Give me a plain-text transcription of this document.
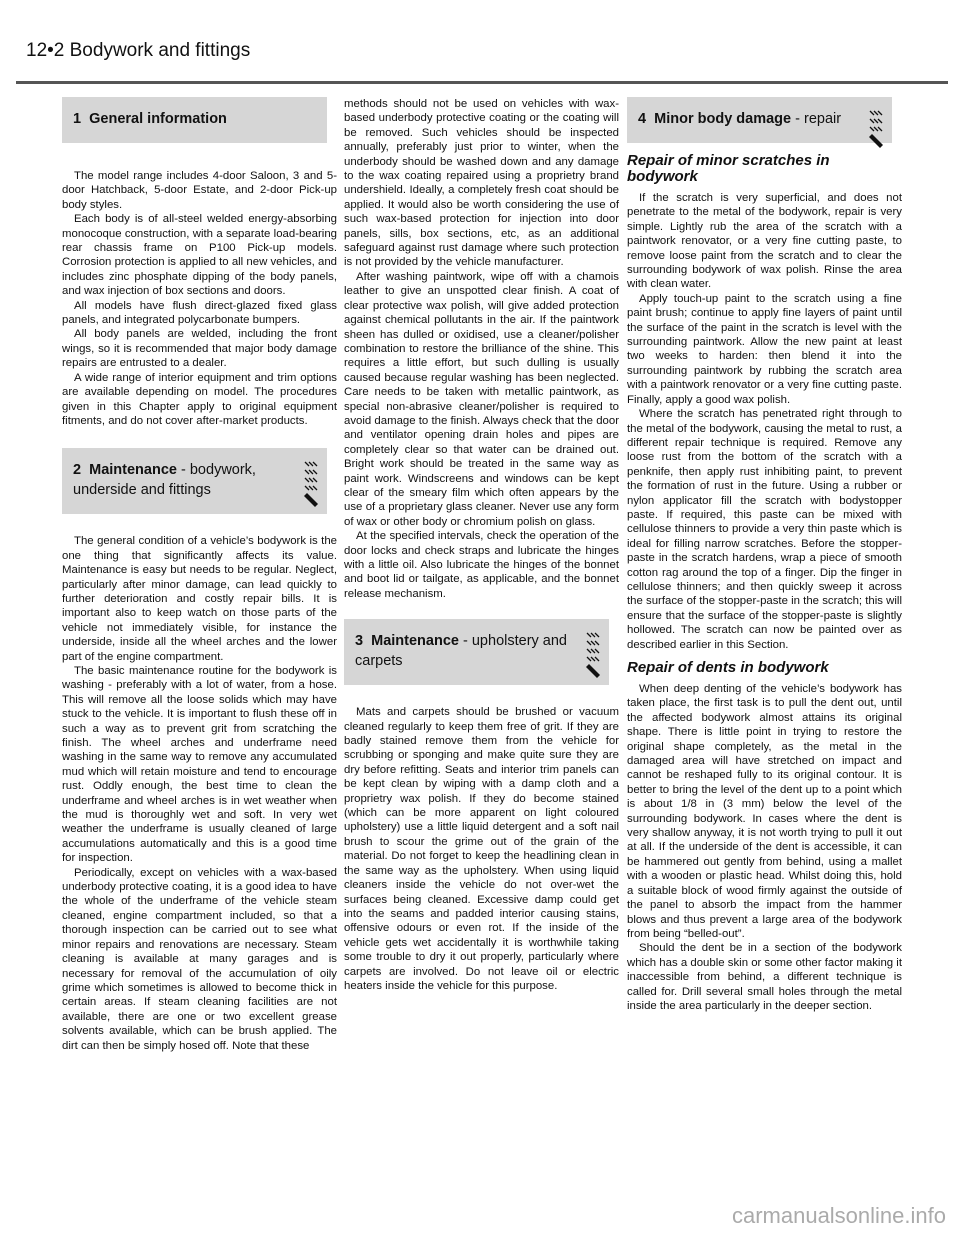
12•2 Bodywork and fittings
1 General information

The model range includes 4-door Saloon, 3 and 5-door Hatchback, 5-door Estate, and 2-door Pick-up body styles.

Each body is of all-steel welded energy-absorbing monocoque construction, with a separate load-bearing rear chassis frame on P100 Pick-up models. Corrosion protection is applied to all new vehicles, and includes zinc phosphate dipping of the body panels, and wax injection of box sections and doors.

All models have flush direct-glazed fixed glass panels, and integrated polycarbonate bumpers.

All body panels are welded, including the front wings, so it is recommended that major body damage repairs are entrusted to a dealer.

A wide range of interior equipment and trim options are available depending on model. The procedures given in this Chapter apply to original equipment fitments, and do not cover after-market products.

2 Maintenance - bodywork, underside and fittings

The general condition of a vehicle’s bodywork is the one thing that significantly affects its value. Maintenance is easy but needs to be regular. Neglect, particularly after minor damage, can lead quickly to further deterioration and costly repair bills. It is important also to keep watch on those parts of the vehicle not immediately visible, for instance the underside, inside all the wheel arches and the lower part of the engine compartment.

The basic maintenance routine for the bodywork is washing - preferably with a lot of water, from a hose. This will remove all the loose solids which may have stuck to the vehicle. It is important to flush these off in such a way as to prevent grit from scratching the finish. The wheel arches and underframe need washing in the same way to remove any accumulated mud which will retain moisture and tend to encourage rust. Oddly enough, the best time to clean the underframe and wheel arches is in wet weather when the mud is thoroughly wet and soft. In very wet weather the underframe is usually cleaned of large accumulations automatically and this is a good time for inspection.

Periodically, except on vehicles with a wax-based underbody protective coating, it is a good idea to have the whole of the underframe of the vehicle steam cleaned, engine compartment included, so that a thorough inspection can be carried out to see what minor repairs and renovations are necessary. Steam cleaning is available at many garages and is necessary for removal of the accumulation of oily grime which sometimes is allowed to become thick in certain areas. If steam cleaning facilities are not available, there are one or two excellent grease solvents available, which can be brush applied. The dirt can then be simply hosed off. Note that these

methods should not be used on vehicles with wax-based underbody protective coating or the coating will be removed. Such vehicles should be inspected annually, preferably just prior to winter, when the underbody should be washed down and any damage to the wax coating repaired using a proprietry brand undershield. Ideally, a completely fresh coat should be applied. It would also be worth considering the use of such wax-based protection for injection into door panels, sills, box sections, etc, as an additional safeguard against rust damage where such protection is not provided by the vehicle manufacturer.

After washing paintwork, wipe off with a chamois leather to give an unspotted clear finish. A coat of clear protective wax polish, will give added protection against chemical pollutants in the air. If the paintwork sheen has dulled or oxidised, use a cleaner/polisher combination to restore the brilliance of the shine. This requires a little effort, but such dulling is usually caused because regular washing has been neglected. Care needs to be taken with metallic paintwork, as special non-abrasive cleaner/polisher is required to avoid damage to the finish. Always check that the door and ventilator opening drain holes and pipes are completely clear so that water can be drained out. Bright work should be treated in the same way as paint work. Windscreens and windows can be kept clear of the smeary film which often appears by the use of a proprietary glass cleaner. Never use any form of wax or other body or chromium polish on glass.

At the specified intervals, check the operation of the door locks and check straps and lubricate the hinges with a little oil. Also lubricate the hinges of the bonnet and boot lid or tailgate, as applicable, and the bonnet release mechanism.

3 Maintenance - upholstery and carpets

Mats and carpets should be brushed or vacuum cleaned regularly to keep them free of grit. If they are badly stained remove them from the vehicle for scrubbing or sponging and make quite sure they are dry before refitting. Seats and interior trim panels can be kept clean by wiping with a damp cloth and a proprietry wax polish. If they do become stained (which can be more apparent on light coloured upholstery) use a little liquid detergent and a soft nail brush to scour the grime out of the grain of the material. Do not forget to keep the headlining clean in the same way as the upholstery. When using liquid cleaners inside the vehicle do not over-wet the surfaces being cleaned. Excessive damp could get into the seams and padded interior causing stains, offensive odours or even rot. If the inside of the vehicle gets wet accidentally it is worthwhile taking some trouble to dry it out properly, particularly where carpets are involved. Do not leave oil or electric heaters inside the vehicle for this purpose.

4 Minor body damage - repair
Repair of minor scratches in bodywork

If the scratch is very superficial, and does not penetrate to the metal of the bodywork, repair is very simple. Lightly rub the area of the scratch with a paintwork renovator, or a very fine cutting paste, to remove loose paint from the scratch and to clear the surrounding bodywork of wax polish. Rinse the area with clean water.

Apply touch-up paint to the scratch using a fine paint brush; continue to apply fine layers of paint until the surface of the paint in the scratch is level with the surrounding paintwork. Allow the new paint at least two weeks to harden: then blend it into the surrounding paintwork by rubbing the scratch area with a paintwork renovator or a very fine cutting paste. Finally, apply a good wax polish.

Where the scratch has penetrated right through to the metal of the bodywork, causing the metal to rust, a different repair technique is required. Remove any loose rust from the bottom of the scratch with a penknife, then apply rust inhibiting paint, to prevent the formation of rust in the future. Using a rubber or nylon applicator fill the scratch with bodystopper paste. If required, this paste can be mixed with cellulose thinners to provide a very thin paste which is ideal for filling narrow scratches. Before the stopper-paste in the scratch hardens, wrap a piece of smooth cotton rag around the top of a finger. Dip the finger in cellulose thinners; and then quickly sweep it across the surface of the stopper-paste in the scratch; this will ensure that the surface of the stopper-paste is slightly hollowed. The scratch can now be painted over as described earlier in this Section.

Repair of dents in bodywork

When deep denting of the vehicle’s bodywork has taken place, the first task is to pull the dent out, until the affected bodywork almost attains its original shape. There is little point in trying to restore the original shape completely, as the metal in the damaged area will have stretched on impact and cannot be reshaped fully to its original contour. It is better to bring the level of the dent up to a point which is about 1/8 in (3 mm) below the level of the surrounding bodywork. In cases where the dent is very shallow anyway, it is not worth trying to pull it out at all. If the underside of the dent is accessible, it can be hammered out gently from behind, using a mallet with a wooden or plastic head. Whilst doing this, hold a suitable block of wood firmly against the outside of the panel to absorb the impact from the hammer blows and thus prevent a large area of the bodywork from being “belled-out”.

Should the dent be in a section of the bodywork which has a double skin or some other factor making it inaccessible from behind, a different technique is called for. Drill several small holes through the metal inside the area particularly in the deeper section.

carmanualsonline.info
